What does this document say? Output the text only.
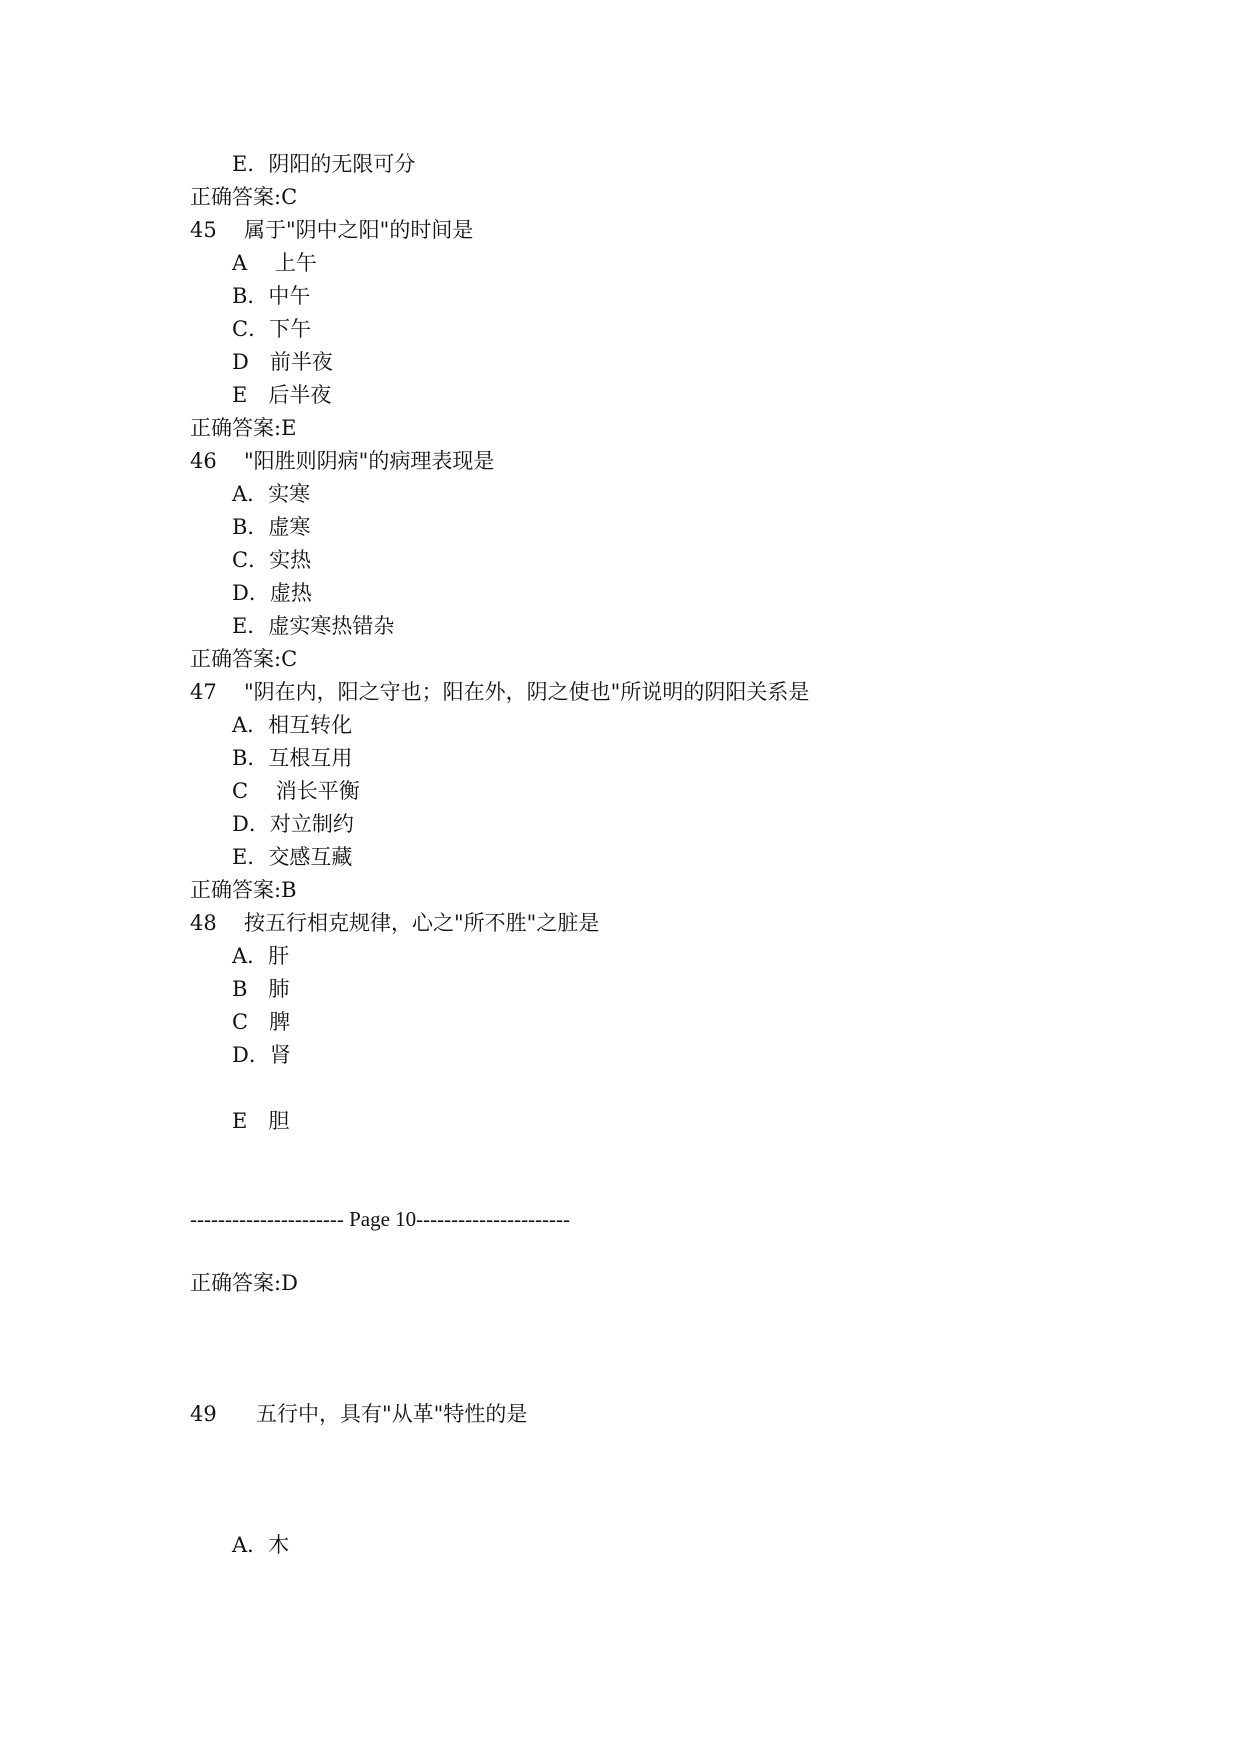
E．阴阳的无限可分
正确答案:C
45 属于"阴中之阳"的时间是
A　 上午
B．中午
C．下午
D　前半夜
E　后半夜
正确答案:E
46 "阳胜则阴病"的病理表现是
A．实寒
B．虚寒
C．实热
D．虚热
E．虚实寒热错杂
正确答案:C
47 "阴在内，阳之守也；阳在外，阴之使也"所说明的阴阳关系是
A．相互转化
B．互根互用
C　 消长平衡
D．对立制约
E．交感互藏
正确答案:B
48 按五行相克规律，心之"所不胜"之脏是
A．肝
B　肺
C　脾
D．肾
E　胆
---------------------- Page 10----------------------
正确答案:D
49 五行中，具有"从革"特性的是
A．木
